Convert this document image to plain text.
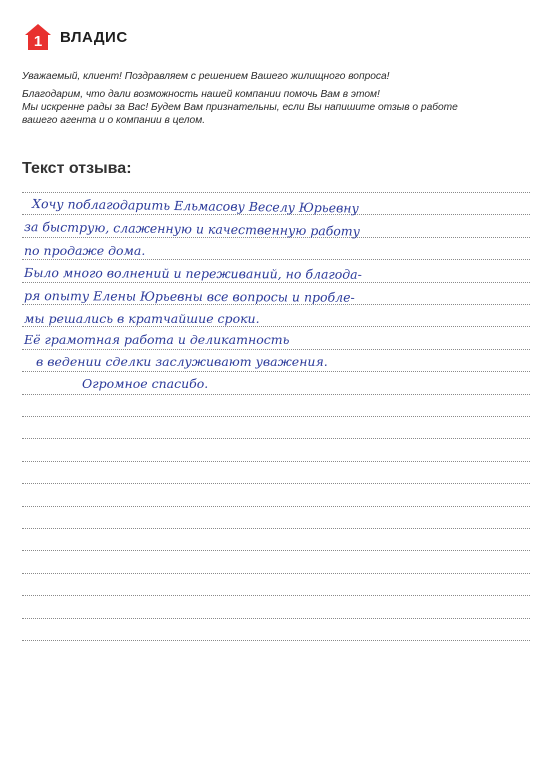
1 ВЛАДИС

Уважаемый, клиент! Поздравляем с решением Вашего жилищного вопроса!

Благодарим, что дали возможность нашей компании помочь Вам в этом!

Мы искренне рады за Вас! Будем Вам признательны, если Вы напишите отзыв о работе

вашего агента и о компании в целом.

Текст отзыва:
Хочу поблагодарить Ельмасову Веселу Юрьевну
за быструю, слаженную и качественную работу
по продаже дома.
Было много волнений и переживаний, но благода-
ря опыту Елены Юрьевны все вопросы и пробле-
мы решались в кратчайшие сроки.
Её грамотная работа и деликатность
в ведении сделки заслуживают уважения.
Огромное спасибо.
